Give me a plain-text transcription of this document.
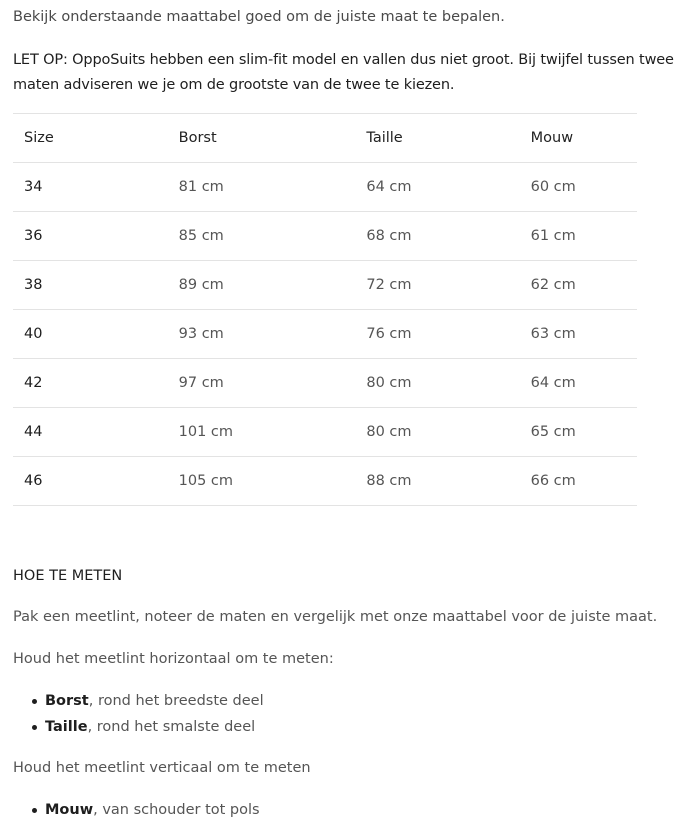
Bekijk onderstaande maattabel goed om de juiste maat te bepalen.
LET OP: OppoSuits hebben een slim-fit model en vallen dus niet groot. Bij twijfel tussen twee maten adviseren we je om de grootste van de twee te kiezen.
Size	Borst	Taille	Mouw
34	81 cm	64 cm	60 cm
36	85 cm	68 cm	61 cm
38	89 cm	72 cm	62 cm
40	93 cm	76 cm	63 cm
42	97 cm	80 cm	64 cm
44	101 cm	80 cm	65 cm
46	105 cm	88 cm	66 cm
HOE TE METEN
Pak een meetlint, noteer de maten en vergelijk met onze maattabel voor de juiste maat.
Houd het meetlint horizontaal om te meten:
Borst, rond het breedste deel
Taille, rond het smalste deel
Houd het meetlint verticaal om te meten
Mouw, van schouder tot pols
